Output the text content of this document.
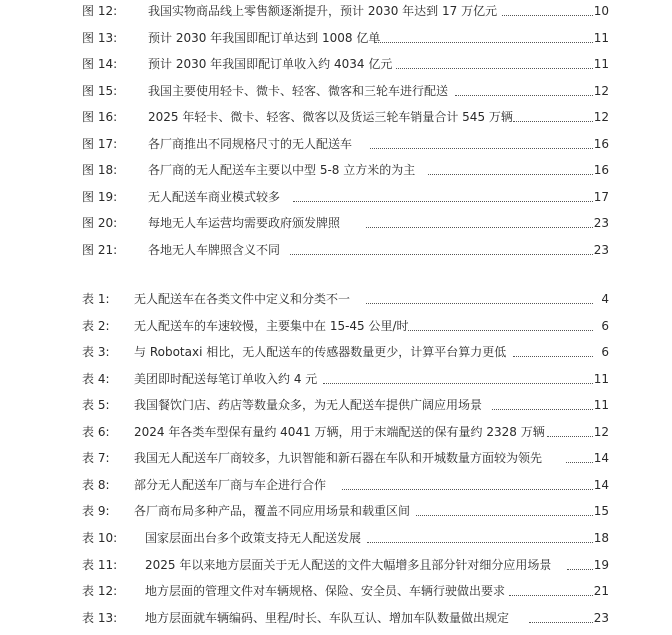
图 12:	我国实物商品线上零售额逐渐提升，预计 2030 年达到 17 万亿元	10
图 13:	预计 2030 年我国即配订单达到 1008 亿单	11
图 14:	预计 2030 年我国即配订单收入约 4034 亿元	11
图 15:	我国主要使用轻卡、微卡、轻客、微客和三轮车进行配送	12
图 16:	2025 年轻卡、微卡、轻客、微客以及货运三轮车销量合计 545 万辆	12
图 17:	各厂商推出不同规格尺寸的无人配送车	16
图 18:	各厂商的无人配送车主要以中型 5-8 立方米的为主	16
图 19:	无人配送车商业模式较多	17
图 20:	每地无人车运营均需要政府颁发牌照	23
图 21:	各地无人车牌照含义不同	23
表 1: 无人配送车在各类文件中定义和分类不一	4
表 2: 无人配送车的车速较慢，主要集中在 15-45 公里/时	6
表 3: 与 Robotaxi 相比，无人配送车的传感器数量更少，计算平台算力更低	6
表 4: 美团即时配送每笔订单收入约 4 元	11
表 5: 我国餐饮门店、药店等数量众多，为无人配送车提供广阔应用场景	11
表 6: 2024 年各类车型保有量约 4041 万辆，用于末端配送的保有量约 2328 万辆	12
表 7: 我国无人配送车厂商较多，九识智能和新石器在车队和开城数量方面较为领先	14
表 8: 部分无人配送车厂商与车企进行合作	14
表 9: 各厂商布局多种产品，覆盖不同应用场景和载重区间	15
表 10: 国家层面出台多个政策支持无人配送发展	18
表 11: 2025 年以来地方层面关于无人配送的文件大幅增多且部分针对细分应用场景	19
表 12: 地方层面的管理文件对车辆规格、保险、安全员、车辆行驶做出要求	21
表 13: 地方层面就车辆编码、里程/时长、车队互认、增加车队数量做出规定	23
